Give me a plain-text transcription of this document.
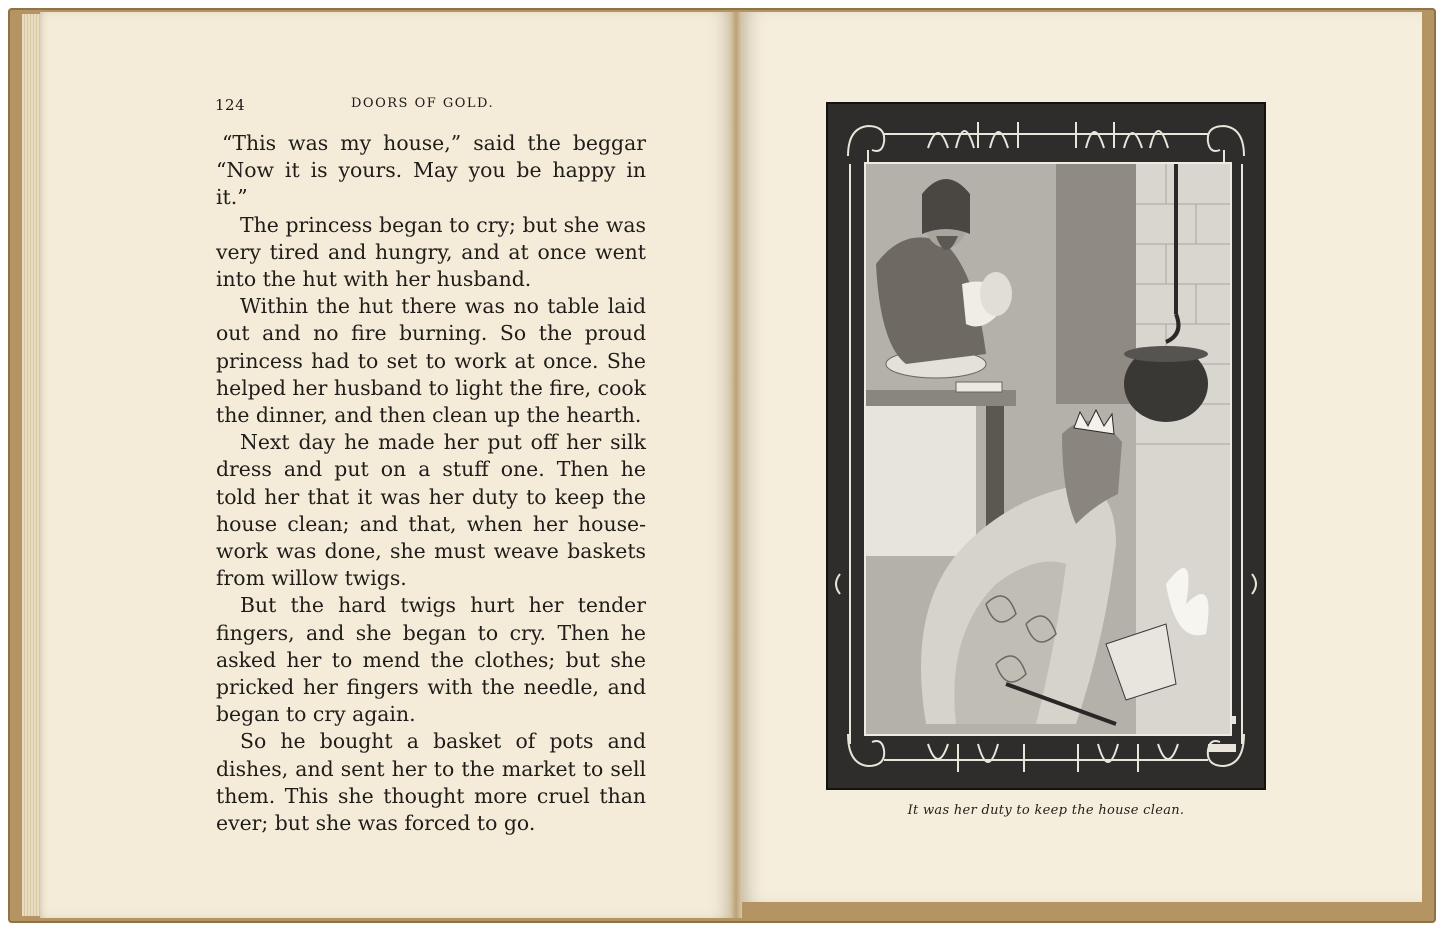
124	DOORS OF GOLD.

“This was my house,” said the beggar “Now it is yours. May you be happy in it.”

The princess began to cry; but she was very tired and hungry, and at once went into the hut with her husband.

Within the hut there was no table laid out and no fire burning. So the proud princess had to set to work at once. She helped her husband to light the fire, cook the dinner, and then clean up the hearth.

Next day he made her put off her silk dress and put on a stuff one. Then he told her that it was her duty to keep the house clean; and that, when her house-work was done, she must weave baskets from willow twigs.

But the hard twigs hurt her tender fingers, and she began to cry. Then he asked her to mend the clothes; but she pricked her fingers with the needle, and began to cry again.

So he bought a basket of pots and dishes, and sent her to the market to sell them. This she thought more cruel than ever; but she was forced to go.

It was her duty to keep the house clean.
